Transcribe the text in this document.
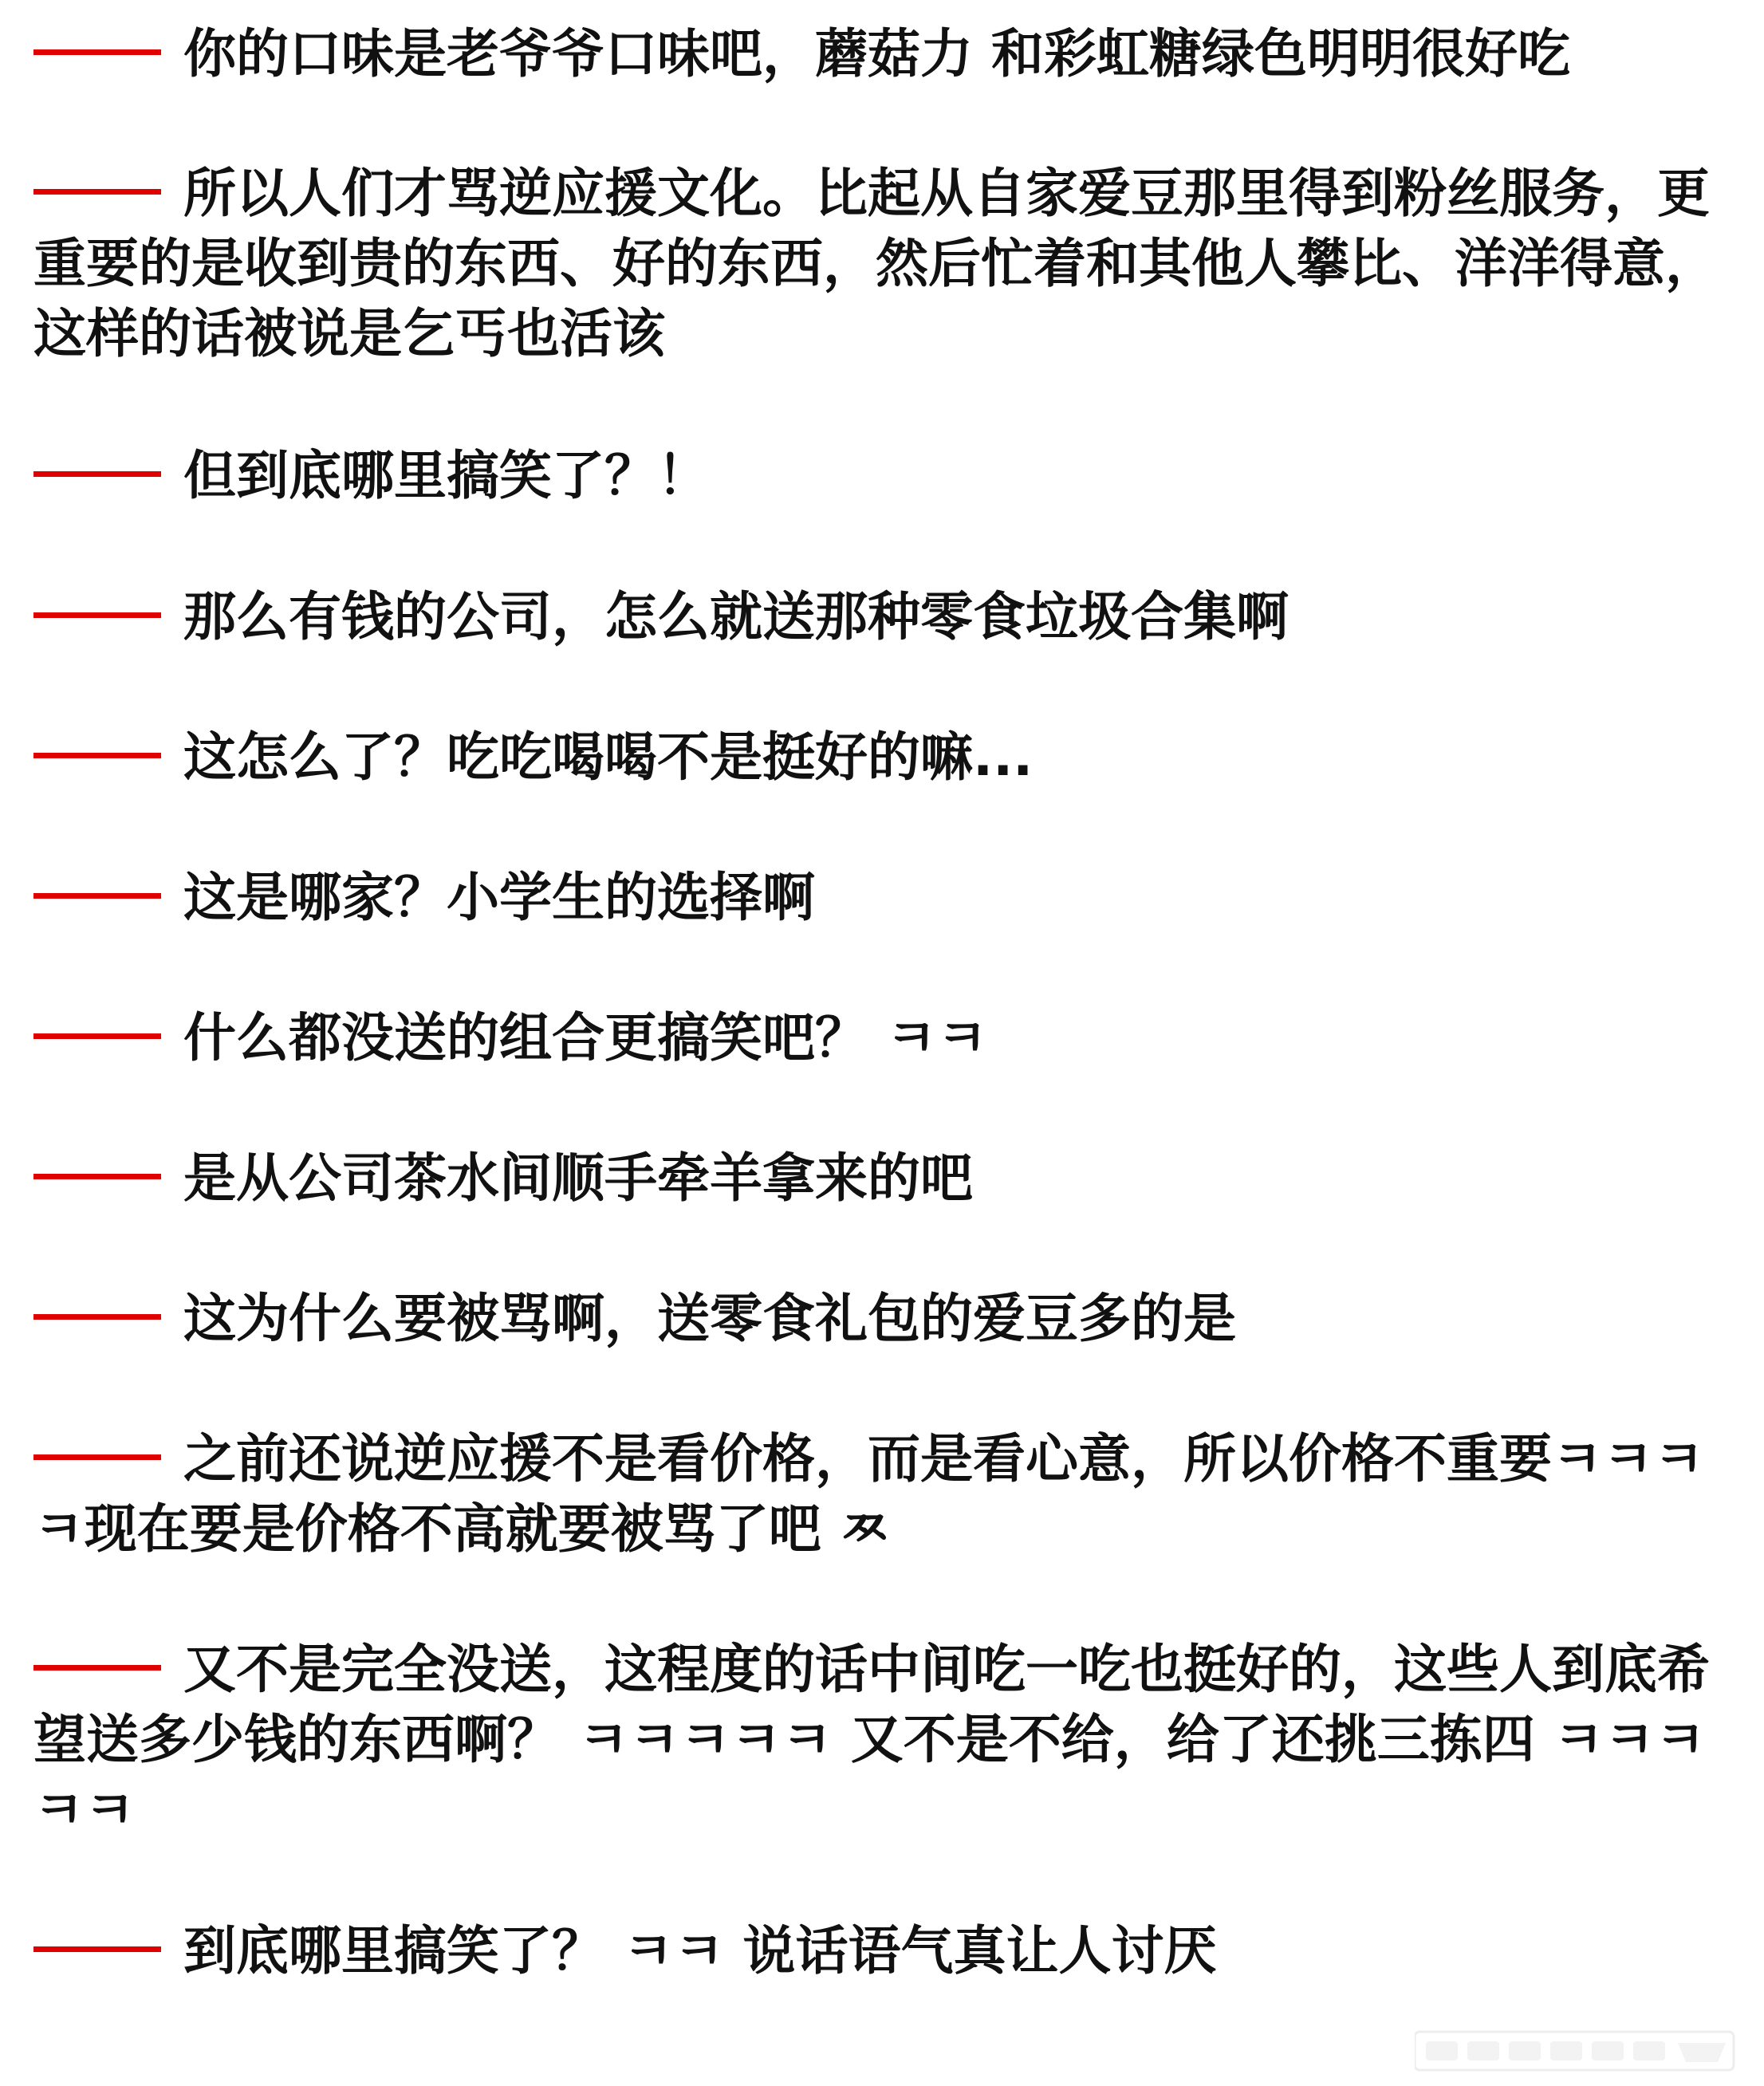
你的口味是老爷爷口味吧，蘑菇力 和彩虹糖绿色明明很好吃
所以人们才骂逆应援文化。比起从自家爱豆那里得到粉丝服务，更重要的是收到贵的东西、好的东西，然后忙着和其他人攀比、洋洋得意，这样的话被说是乞丐也活该
但到底哪里搞笑了？！
那么有钱的公司，怎么就送那种零食垃圾合集啊
这怎么了？吃吃喝喝不是挺好的嘛...
这是哪家？小学生的选择啊
什么都没送的组合更搞笑吧？ ㅋㅋ
是从公司茶水间顺手牵羊拿来的吧
这为什么要被骂啊，送零食礼包的爱豆多的是
之前还说逆应援不是看价格，而是看心意，所以价格不重要ㅋㅋㅋㅋ现在要是价格不高就要被骂了吧 ㅉ
又不是完全没送，这程度的话中间吃一吃也挺好的，这些人到底希望送多少钱的东西啊？ ㅋㅋㅋㅋㅋ 又不是不给，给了还挑三拣四 ㅋㅋㅋㅋㅋ
到底哪里搞笑了？ ㅋㅋ 说话语气真让人讨厌
